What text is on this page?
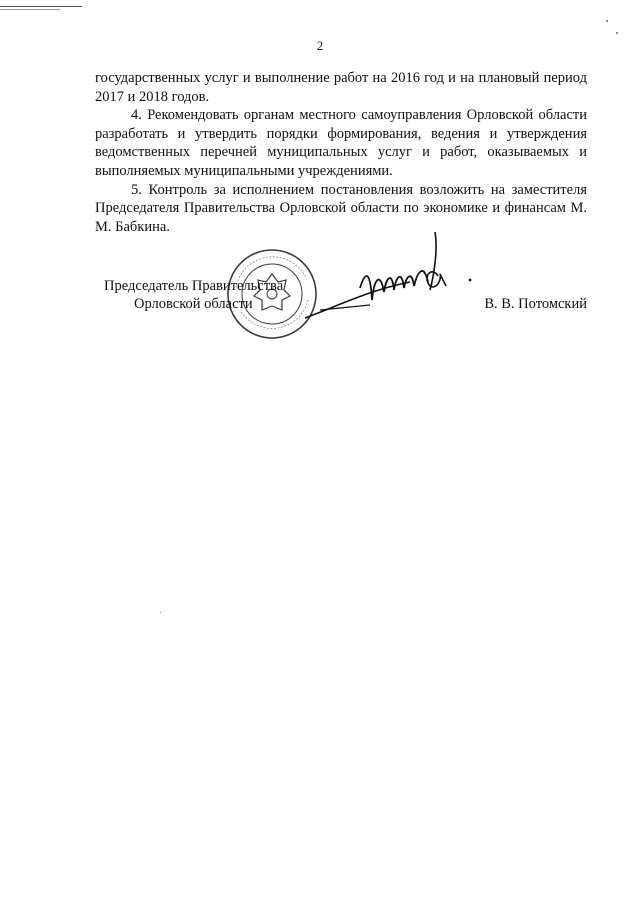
2

государственных услуг и выполнение работ на 2016 год и на плановый период 2017 и 2018 годов.

4. Рекомендовать органам местного самоуправления Орловской области разработать и утвердить порядки формирования, ведения и утверждения ведомственных перечней муниципальных услуг и работ, оказываемых и выполняемых муниципальными учреждениями.

5. Контроль за исполнением постановления возложить на заместителя Председателя Правительства Орловской области по экономике и финансам М. М. Бабкина.

Председатель Правительства
Орловской области	В. В. Потомский
